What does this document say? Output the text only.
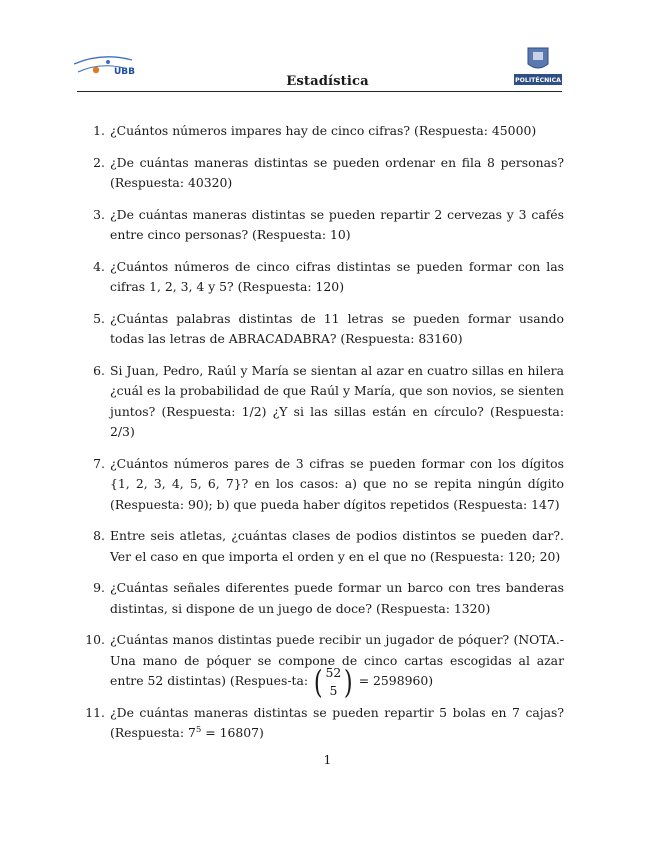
UBB
POLITÉCNICA
Estadística
1. ¿Cuántos números impares hay de cinco cifras? (Respuesta: 45000)
2. ¿De cuántas maneras distintas se pueden ordenar en fila 8 personas? (Respuesta: 40320)
3. ¿De cuántas maneras distintas se pueden repartir 2 cervezas y 3 cafés entre cinco personas? (Respuesta: 10)
4. ¿Cuántos números de cinco cifras distintas se pueden formar con las cifras 1, 2, 3, 4 y 5? (Respuesta: 120)
5. ¿Cuántas palabras distintas de 11 letras se pueden formar usando todas las letras de ABRACADABRA? (Respuesta: 83160)
6. Si Juan, Pedro, Raúl y María se sientan al azar en cuatro sillas en hilera ¿cuál es la probabilidad de que Raúl y María, que son novios, se sienten juntos? (Respuesta: 1/2) ¿Y si las sillas están en círculo? (Respuesta: 2/3)
7. ¿Cuántos números pares de 3 cifras se pueden formar con los dígitos {1, 2, 3, 4, 5, 6, 7}? en los casos: a) que no se repita ningún dígito (Respuesta: 90); b) que pueda haber dígitos repetidos (Respuesta: 147)
8. Entre seis atletas, ¿cuántas clases de podios distintos se pueden dar?. Ver el caso en que importa el orden y en el que no (Respuesta: 120; 20)
9. ¿Cuántas señales diferentes puede formar un barco con tres banderas distintas, si dispone de un juego de doce? (Respuesta: 1320)
10. ¿Cuántas manos distintas puede recibir un jugador de póquer? (NOTA.- Una mano de póquer se compone de cinco cartas escogidas al azar entre 52 distintas) (Respues-ta: ( 52
5 ) = 2598960)
11. ¿De cuántas maneras distintas se pueden repartir 5 bolas en 7 cajas? (Respuesta: $7^5 = 16807$)
1
